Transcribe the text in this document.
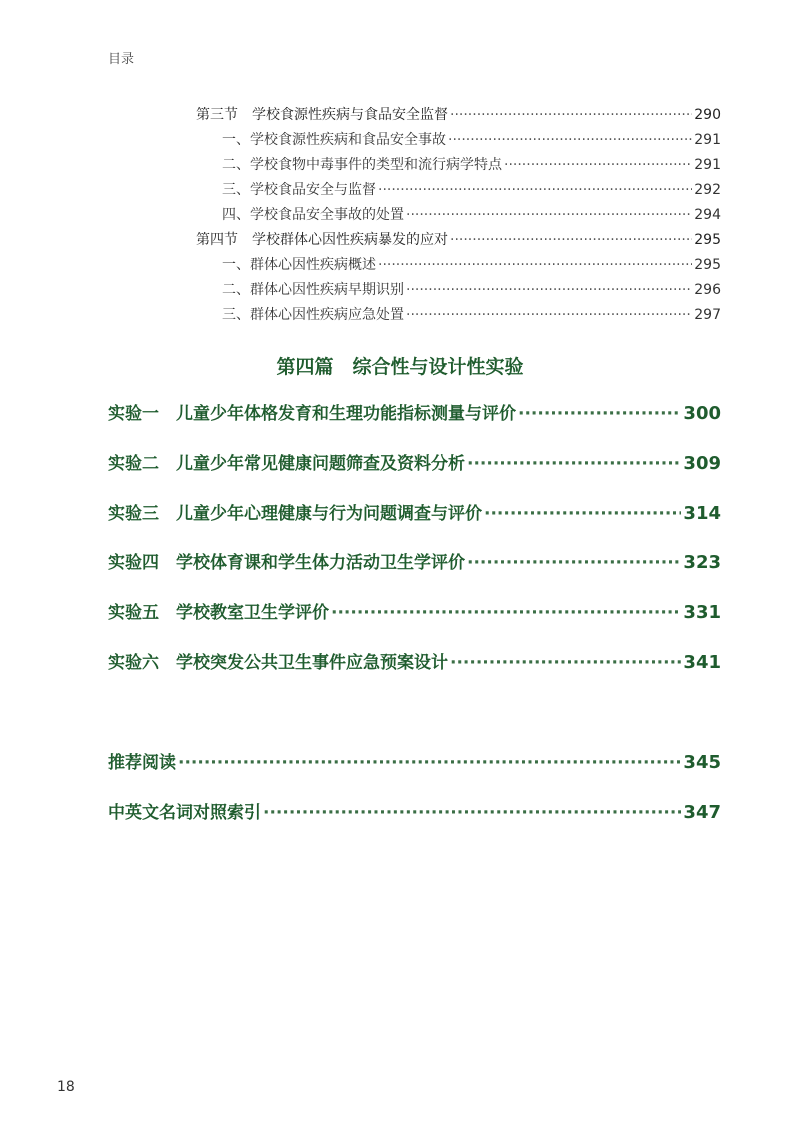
目录
第三节　学校食源性疾病与食品安全监督 ·····	290
一、学校食源性疾病和食品安全事故 ·····	291
二、学校食物中毒事件的类型和流行病学特点 ·····	291
三、学校食品安全与监督 ·····	292
四、学校食品安全事故的处置 ·····	294
第四节　学校群体心因性疾病暴发的应对 ·····	295
一、群体心因性疾病概述 ·····	295
二、群体心因性疾病早期识别 ·····	296
三、群体心因性疾病应急处置 ·····	297
第四篇　综合性与设计性实验
实验一　儿童少年体格发育和生理功能指标测量与评价 ·····	300
实验二　儿童少年常见健康问题筛查及资料分析 ·····	309
实验三　儿童少年心理健康与行为问题调查与评价 ·····	314
实验四　学校体育课和学生体力活动卫生学评价 ·····	323
实验五　学校教室卫生学评价 ·····	331
实验六　学校突发公共卫生事件应急预案设计 ·····	341
推荐阅读 ·····	345
中英文名词对照索引 ·····	347
18
